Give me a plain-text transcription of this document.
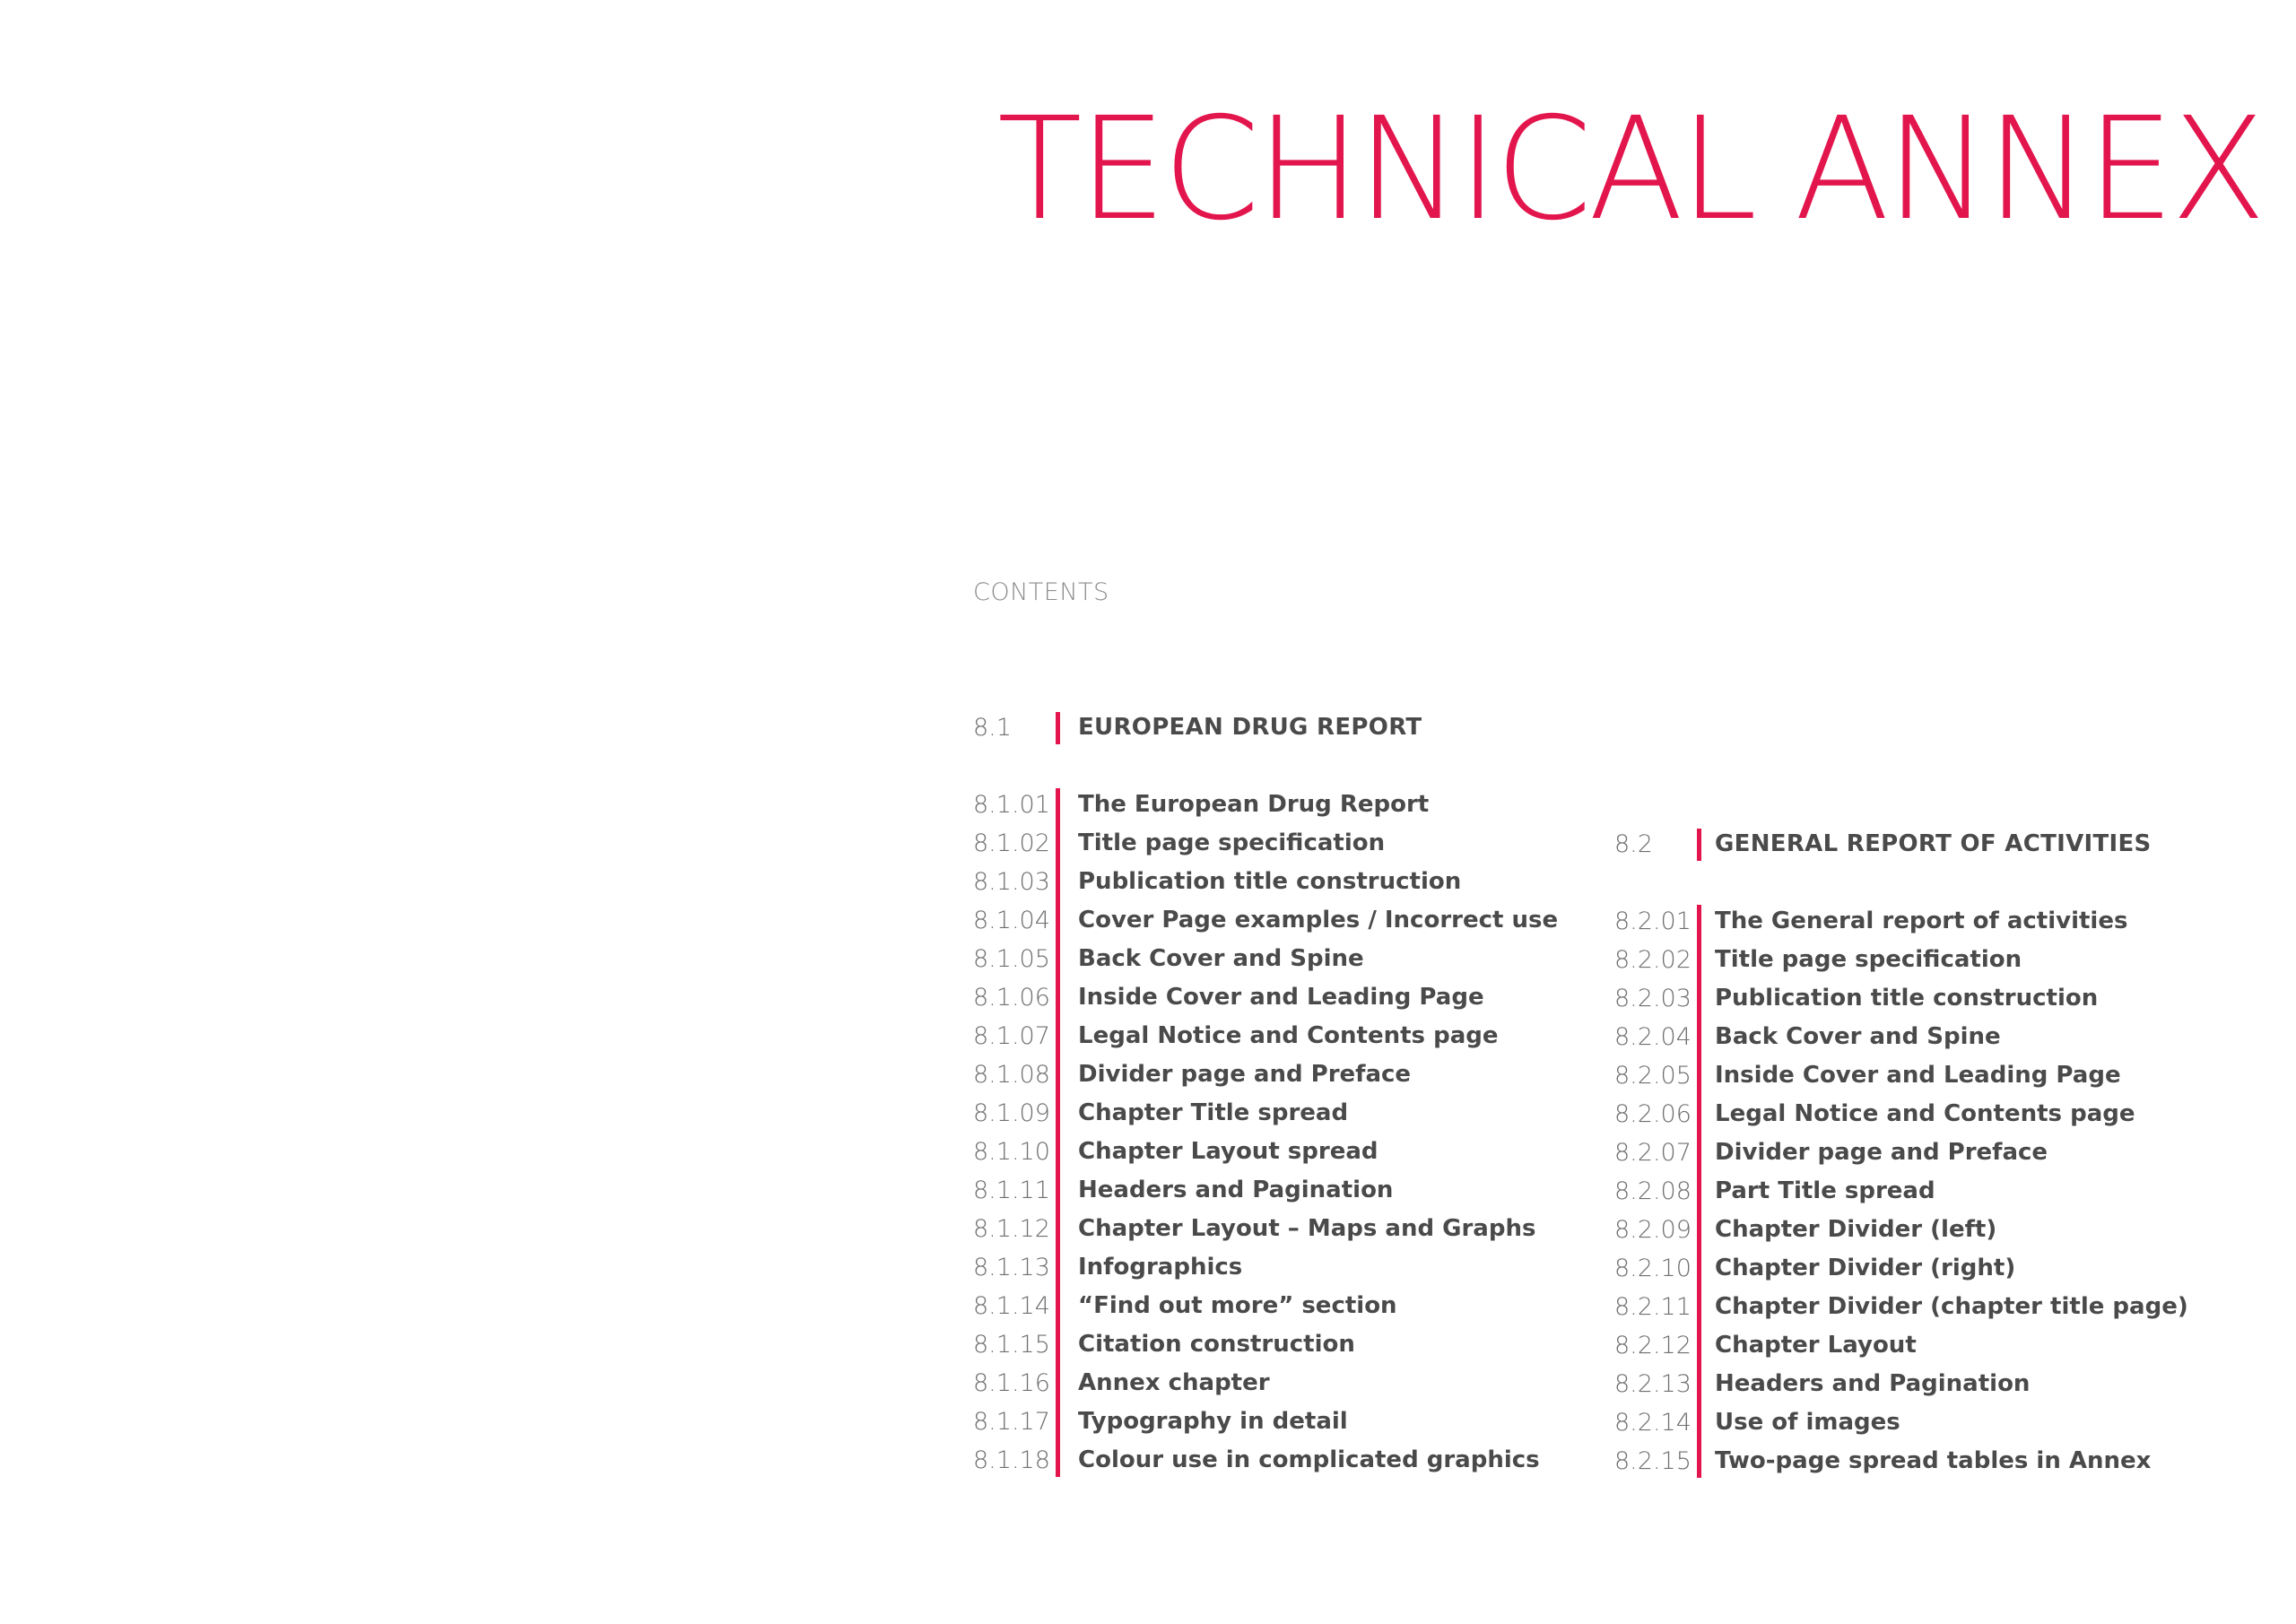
TECHNICAL ANNEX
CONTENTS
8.1	EUROPEAN DRUG REPORT
8.1.01 The European Drug Report
8.1.02 Title page specification
8.1.03 Publication title construction
8.1.04 Cover Page examples / Incorrect use
8.1.05 Back Cover and Spine
8.1.06 Inside Cover and Leading Page
8.1.07 Legal Notice and Contents page
8.1.08 Divider page and Preface
8.1.09 Chapter Title spread
8.1.10 Chapter Layout spread
8.1.11 Headers and Pagination
8.1.12 Chapter Layout – Maps and Graphs
8.1.13 Infographics
8.1.14 “Find out more” section
8.1.15 Citation construction
8.1.16 Annex chapter
8.1.17 Typography in detail
8.1.18 Colour use in complicated graphics
8.2	GENERAL REPORT OF ACTIVITIES
8.2.01 The General report of activities
8.2.02 Title page specification
8.2.03 Publication title construction
8.2.04 Back Cover and Spine
8.2.05 Inside Cover and Leading Page
8.2.06 Legal Notice and Contents page
8.2.07 Divider page and Preface
8.2.08 Part Title spread
8.2.09 Chapter Divider (left)
8.2.10 Chapter Divider (right)
8.2.11 Chapter Divider (chapter title page)
8.2.12 Chapter Layout
8.2.13 Headers and Pagination
8.2.14 Use of images
8.2.15 Two-page spread tables in Annex
